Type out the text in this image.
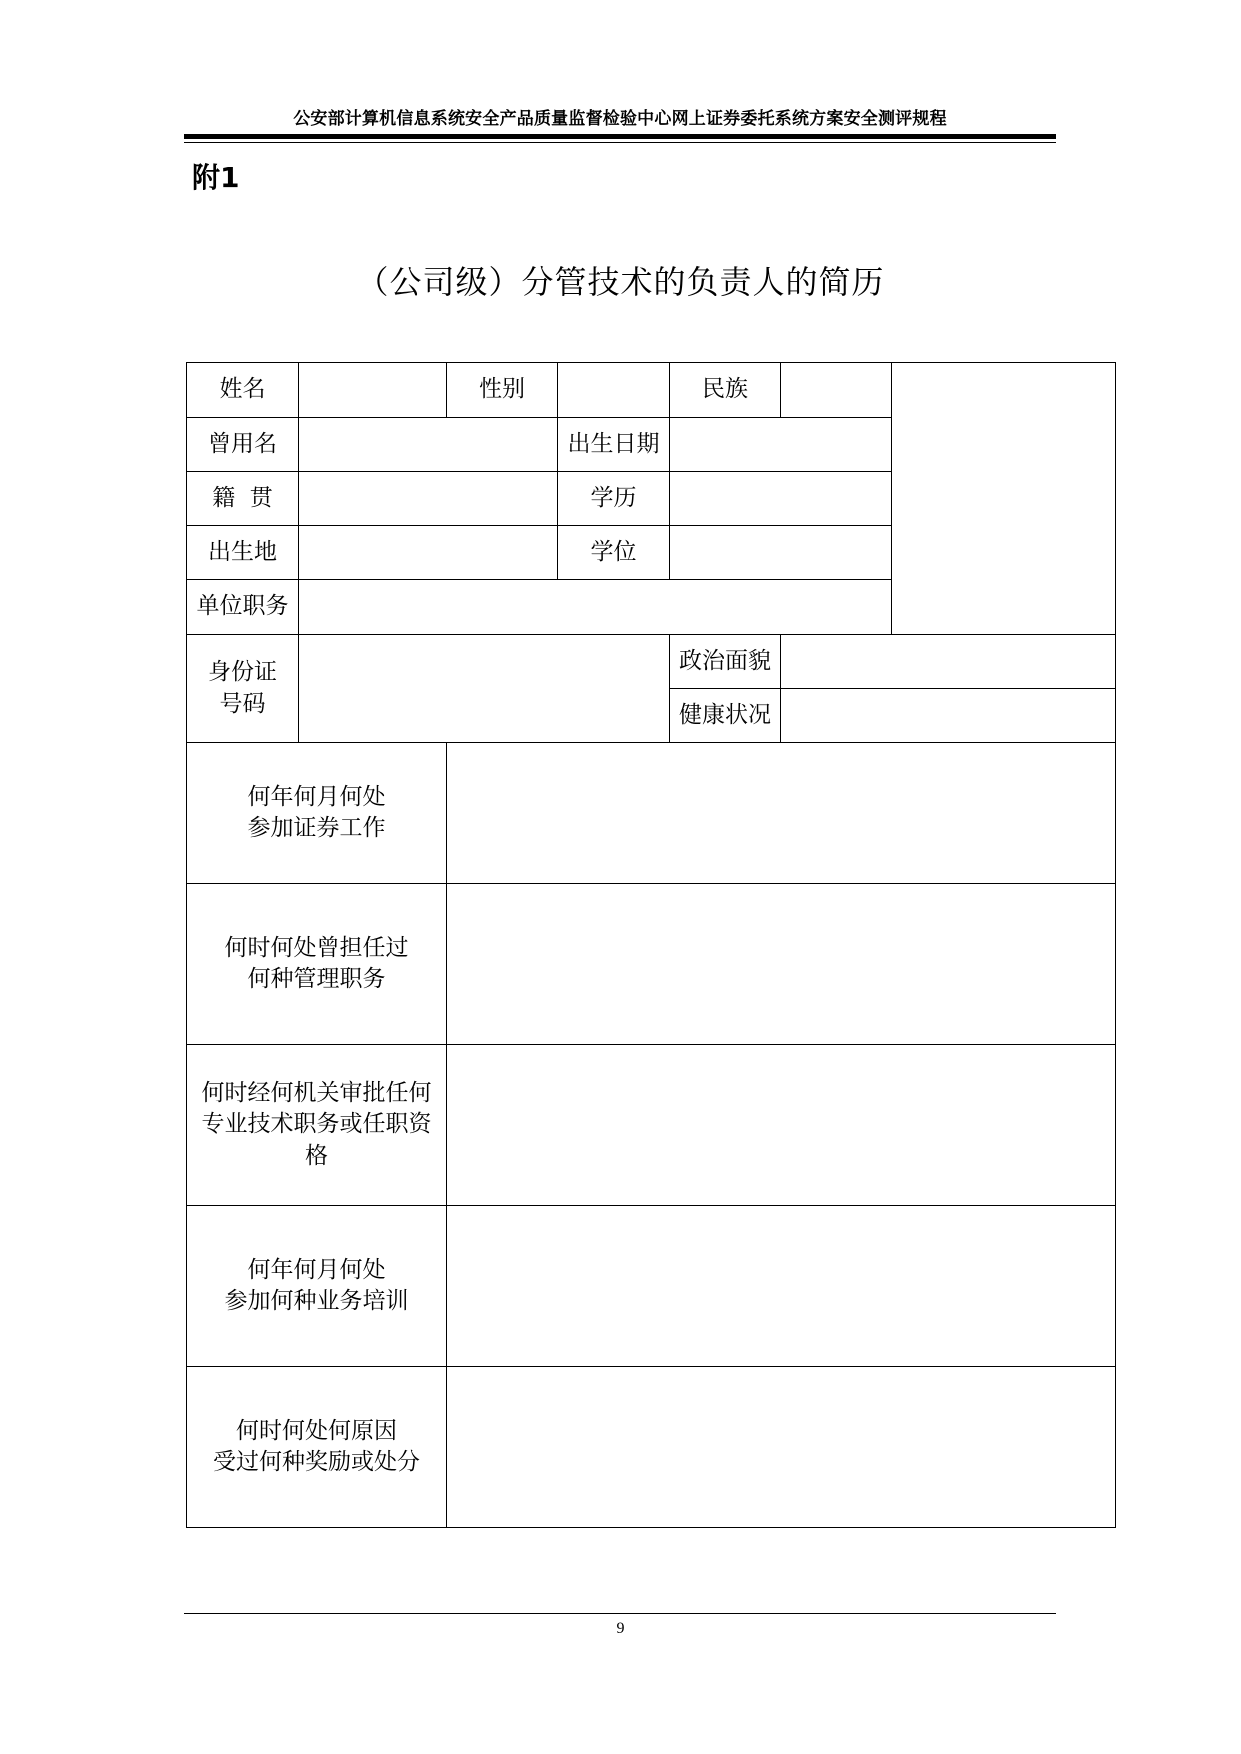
公安部计算机信息系统安全产品质量监督检验中心网上证券委托系统方案安全测评规程
附1
（公司级）分管技术的负责人的简历
姓名		性别		民族		
曾用名			出生日期			
籍  贯			学历			
出生地			学位			
单位职务						

身份证
号码				政治面貌		
				健康状况		

何年何月何处
参加证券工作						

何时何处曾担任过
何种管理职务						

何时经何机关审批任何
专业技术职务或任职资
格						

何年何月何处
参加何种业务培训						

何时何处何原因
受过何种奖励或处分						

9
